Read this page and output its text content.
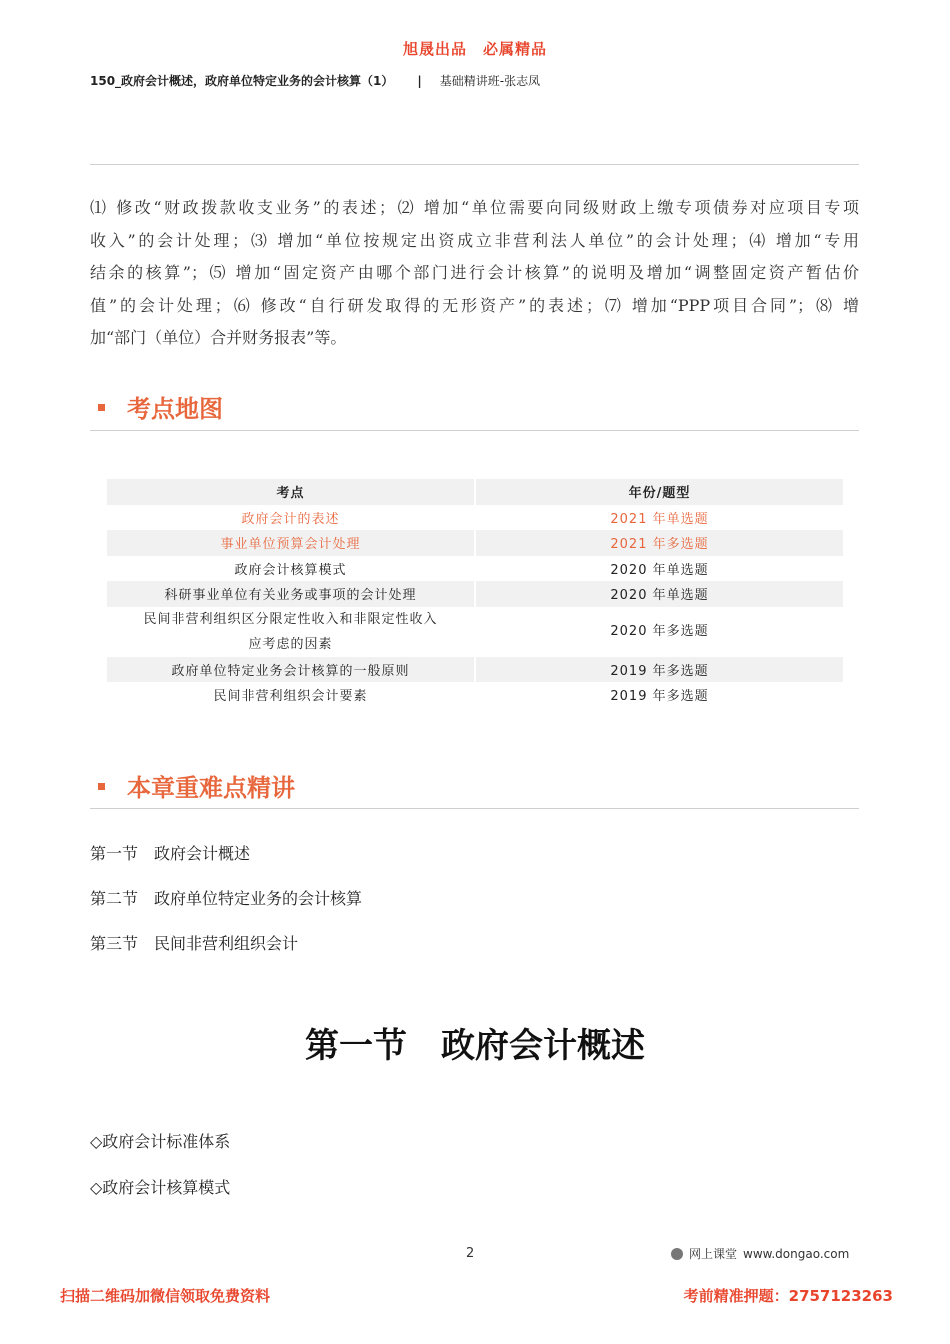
旭晟出品　必属精品
150_政府会计概述，政府单位特定业务的会计核算（1） | 基础精讲班-张志凤
⑴ 修改“财政拨款收支业务”的表述；⑵ 增加“单位需要向同级财政上缴专项债券对应项目专项
收入”的会计处理；⑶ 增加“单位按规定出资成立非营利法人单位”的会计处理；⑷ 增加“专用
结余的核算”；⑸ 增加“固定资产由哪个部门进行会计核算”的说明及增加“调整固定资产暂估价
值”的会计处理；⑹ 修改“自行研发取得的无形资产”的表述；⑺ 增加“PPP项目合同”；⑻ 增
加“部门（单位）合并财务报表”等。
考点地图
考点	年份/题型
政府会计的表述	2021 年单选题
事业单位预算会计处理	2021 年多选题
政府会计核算模式	2020 年单选题
科研事业单位有关业务或事项的会计处理	2020 年单选题

民间非营利组织区分限定性收入和非限定性收入
应考虑的因素	2020 年多选题
政府单位特定业务会计核算的一般原则	2019 年多选题
民间非营利组织会计要素	2019 年多选题
本章重难点精讲
第一节　政府会计概述
第二节　政府单位特定业务的会计核算
第三节　民间非营利组织会计
第一节　政府会计概述
◇政府会计标准体系
◇政府会计核算模式
2	网上课堂 www.dongao.com
扫描二维码加微信领取免费资料	考前精准押题：2757123263
